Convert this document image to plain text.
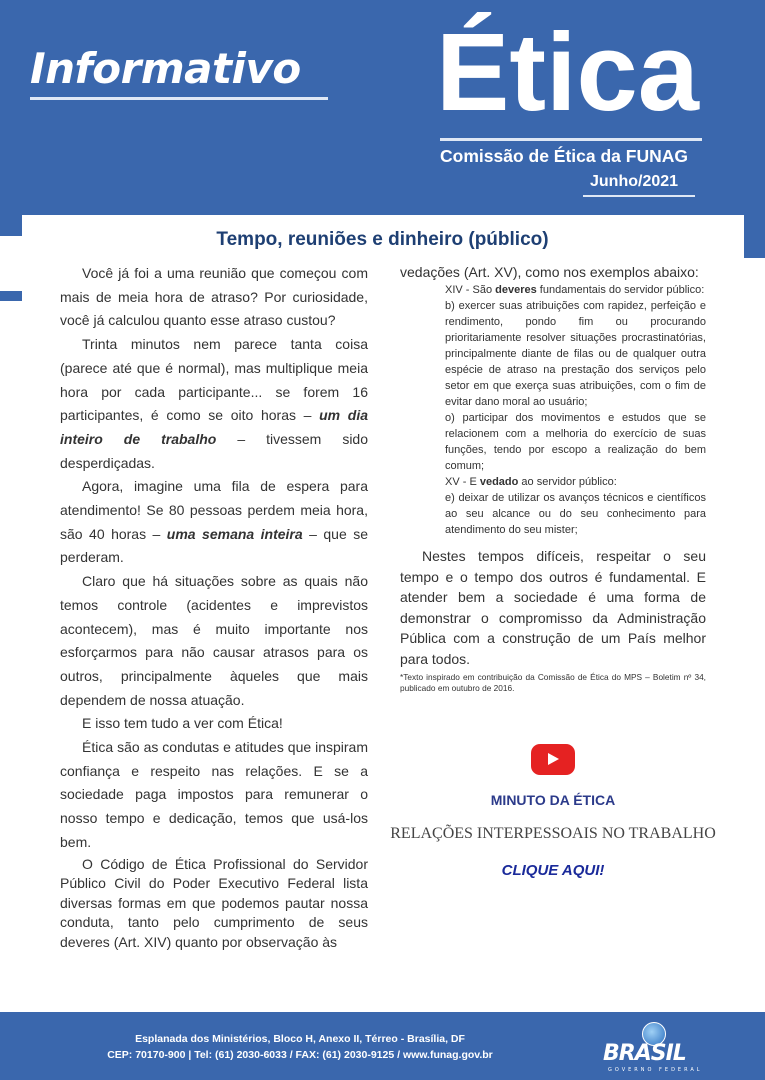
Informativo Ética
Comissão de Ética da FUNAG
Junho/2021
Tempo, reuniões e dinheiro (público)

Você já foi a uma reunião que começou com mais de meia hora de atraso? Por curiosidade, você já calculou quanto esse atraso custou?

Trinta minutos nem parece tanta coisa (parece até que é normal), mas multiplique meia hora por cada participante... se forem 16 participantes, é como se oito horas – um dia inteiro de trabalho – tivessem sido desperdiçadas.

Agora, imagine uma fila de espera para atendimento! Se 80 pessoas perdem meia hora, são 40 horas – uma semana inteira – que se perderam.

Claro que há situações sobre as quais não temos controle (acidentes e imprevistos acontecem), mas é muito importante nos esforçarmos para não causar atrasos para os outros, principalmente àqueles que mais dependem de nossa atuação.

E isso tem tudo a ver com Ética!

Ética são as condutas e atitudes que inspiram confiança e respeito nas relações. E se a sociedade paga impostos para remunerar o nosso tempo e dedicação, temos que usá-los bem.

O Código de Ética Profissional do Servidor Público Civil do Poder Executivo Federal lista diversas formas em que podemos pautar nossa conduta, tanto pelo cumprimento de seus deveres (Art. XIV) quanto por observação às

vedações (Art. XV), como nos exemplos abaixo:

XIV - São deveres fundamentais do servidor público:
b) exercer suas atribuições com rapidez, perfeição e rendimento, pondo fim ou procurando prioritariamente resolver situações procrastinatórias, principalmente diante de filas ou de qualquer outra espécie de atraso na prestação dos serviços pelo setor em que exerça suas atribuições, com o fim de evitar dano moral ao usuário;
o) participar dos movimentos e estudos que se relacionem com a melhoria do exercício de suas funções, tendo por escopo a realização do bem comum;
XV - E vedado ao servidor público:
e) deixar de utilizar os avanços técnicos e científicos ao seu alcance ou do seu conhecimento para atendimento do seu mister;

Nestes tempos difíceis, respeitar o seu tempo e o tempo dos outros é fundamental. E atender bem a sociedade é uma forma de demonstrar o compromisso da Administração Pública com a construção de um País melhor para todos.

*Texto inspirado em contribuição da Comissão de Ética do MPS – Boletim nº 34, publicado em outubro de 2016.
MINUTO DA ÉTICA
RELAÇÕES INTERPESSOAIS NO TRABALHO
CLIQUE AQUI!
Esplanada dos Ministérios, Bloco H, Anexo II, Térreo - Brasília, DF
CEP: 70170-900 | Tel: (61) 2030-6033 / FAX: (61) 2030-9125 / www.funag.gov.br	BRASIL
GOVERNO FEDERAL
